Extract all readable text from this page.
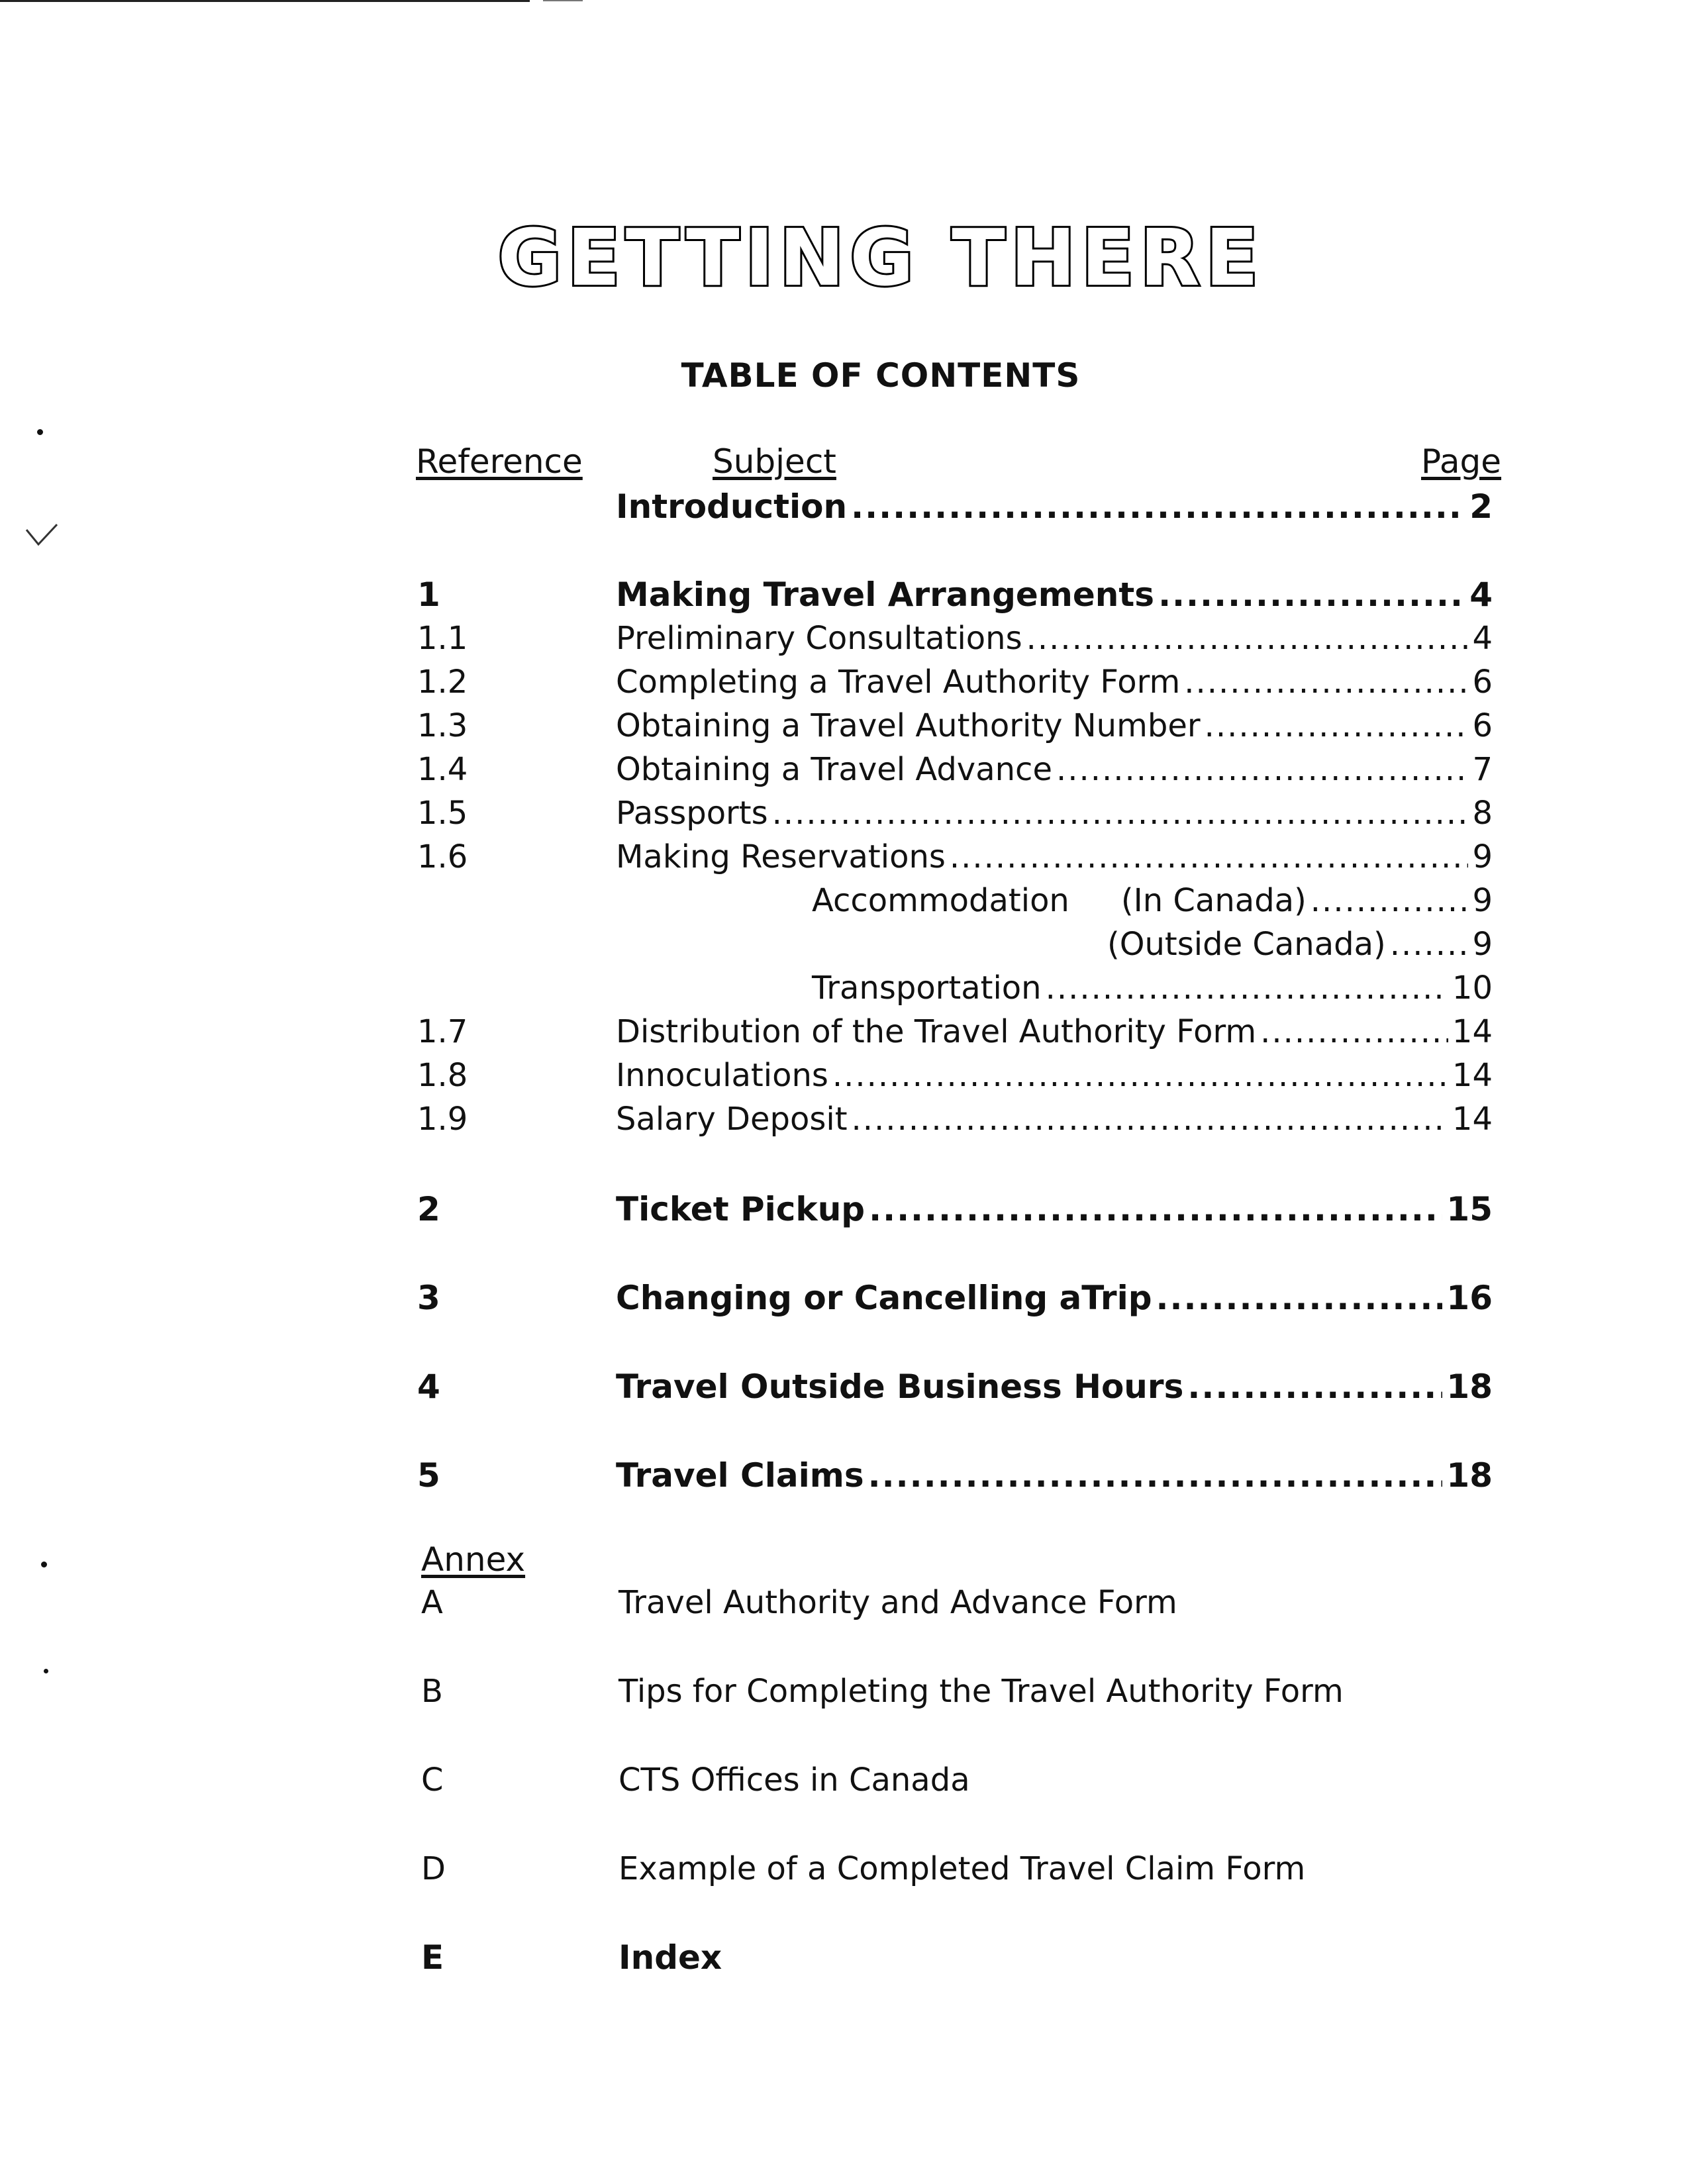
GETTING THERE
TABLE OF CONTENTS
Reference	Subject	Page
Introduction .....	2
1	Making Travel Arrangements .....	4
1.1	Preliminary Consultations .....	4
1.2	Completing a Travel Authority Form .....	6
1.3	Obtaining a Travel Authority Number .....	6
1.4	Obtaining a Travel Advance .....	7
1.5	Passports .....	8
1.6	Making Reservations .....	9
Accommodation (In Canada) .....	9
(Outside Canada) .....	9
Transportation .....	10
1.7	Distribution of the Travel Authority Form .....	14
1.8	Innoculations .....	14
1.9	Salary Deposit .....	14
2	Ticket Pickup .....	15
3	Changing or Cancelling aTrip .....	16
4	Travel Outside Business Hours .....	18
5	Travel Claims .....	18
Annex
A	Travel Authority and Advance Form
B	Tips for Completing the Travel Authority Form
C	CTS Offices in Canada
D	Example of a Completed Travel Claim Form
E	Index
